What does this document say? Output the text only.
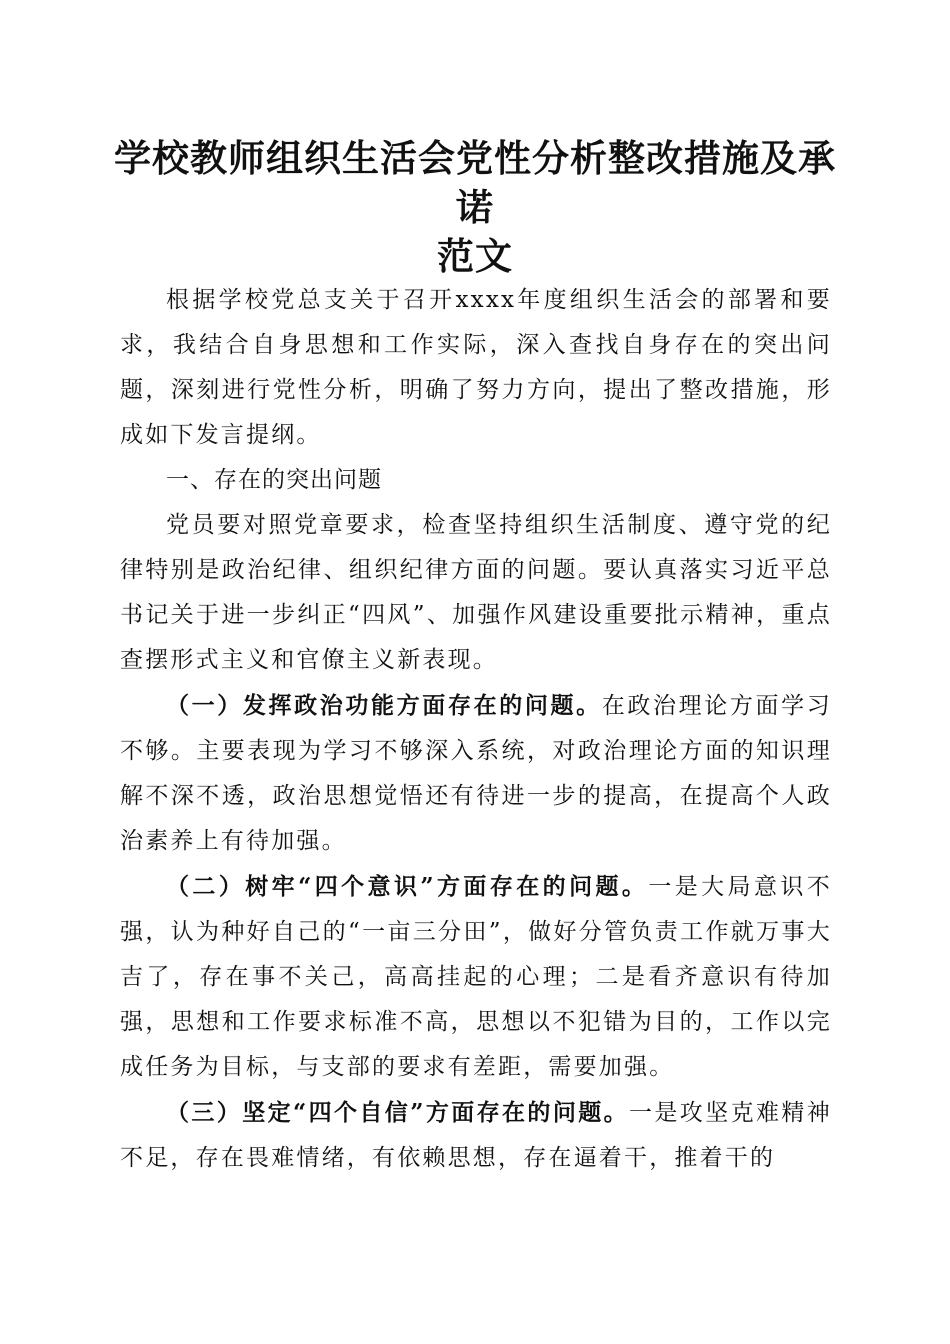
学校教师组织生活会党性分析整改措施及承诺
范文

根据学校党总支关于召开xxxx年度组织生活会的部署和要求，我结合自身思想和工作实际，深入查找自身存在的突出问题，深刻进行党性分析，明确了努力方向，提出了整改措施，形成如下发言提纲。

一、存在的突出问题

党员要对照党章要求，检查坚持组织生活制度、遵守党的纪律特别是政治纪律、组织纪律方面的问题。要认真落实习近平总书记关于进一步纠正“四风”、加强作风建设重要批示精神，重点查摆形式主义和官僚主义新表现。

（一）发挥政治功能方面存在的问题。在政治理论方面学习不够。主要表现为学习不够深入系统，对政治理论方面的知识理解不深不透，政治思想觉悟还有待进一步的提高，在提高个人政治素养上有待加强。

（二）树牢“四个意识”方面存在的问题。一是大局意识不强，认为种好自己的“一亩三分田”，做好分管负责工作就万事大吉了，存在事不关己，高高挂起的心理；二是看齐意识有待加强，思想和工作要求标准不高，思想以不犯错为目的，工作以完成任务为目标，与支部的要求有差距，需要加强。

（三）坚定“四个自信”方面存在的问题。一是攻坚克难精神不足，存在畏难情绪，有依赖思想，存在逼着干，推着干的
